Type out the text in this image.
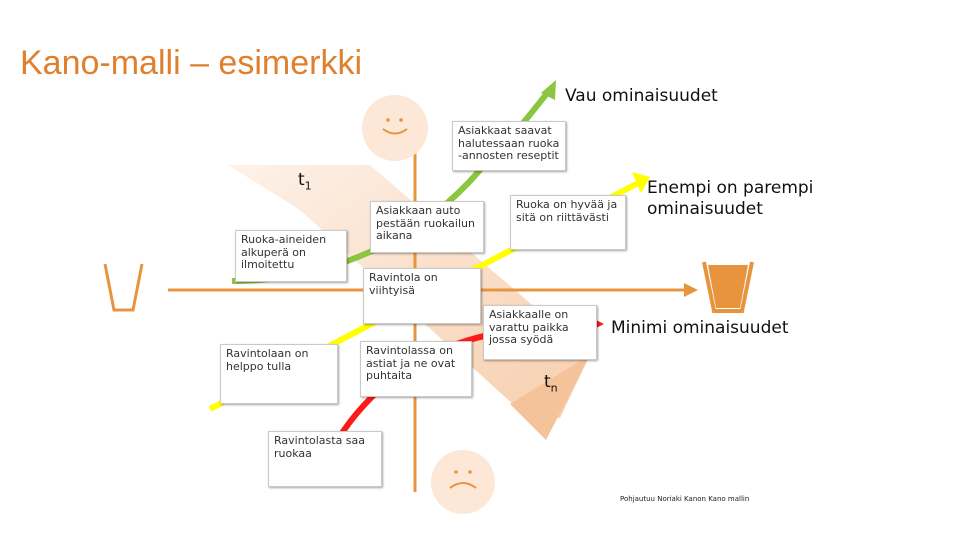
Kano-malli – esimerkki
Vau ominaisuudet
Enempi on parempi ominaisuudet
Minimi ominaisuudet
$t_1$
$t_n$
Asiakkaat saavat halutessaan ruoka -annosten reseptit
Ruoka-aineiden alkuperä on ilmoitettu
Asiakkaan auto pestään ruokailun aikana
Ruoka on hyvää ja sitä on riittävästi
Ravintola on viihtyisä
Asiakkaalle on varattu paikka jossa syödä
Ravintolaan on helppo tulla
Ravintolassa on astiat ja ne ovat puhtaita
Ravintolasta saa ruokaa
Pohjautuu Noriaki Kanon Kano mallin
